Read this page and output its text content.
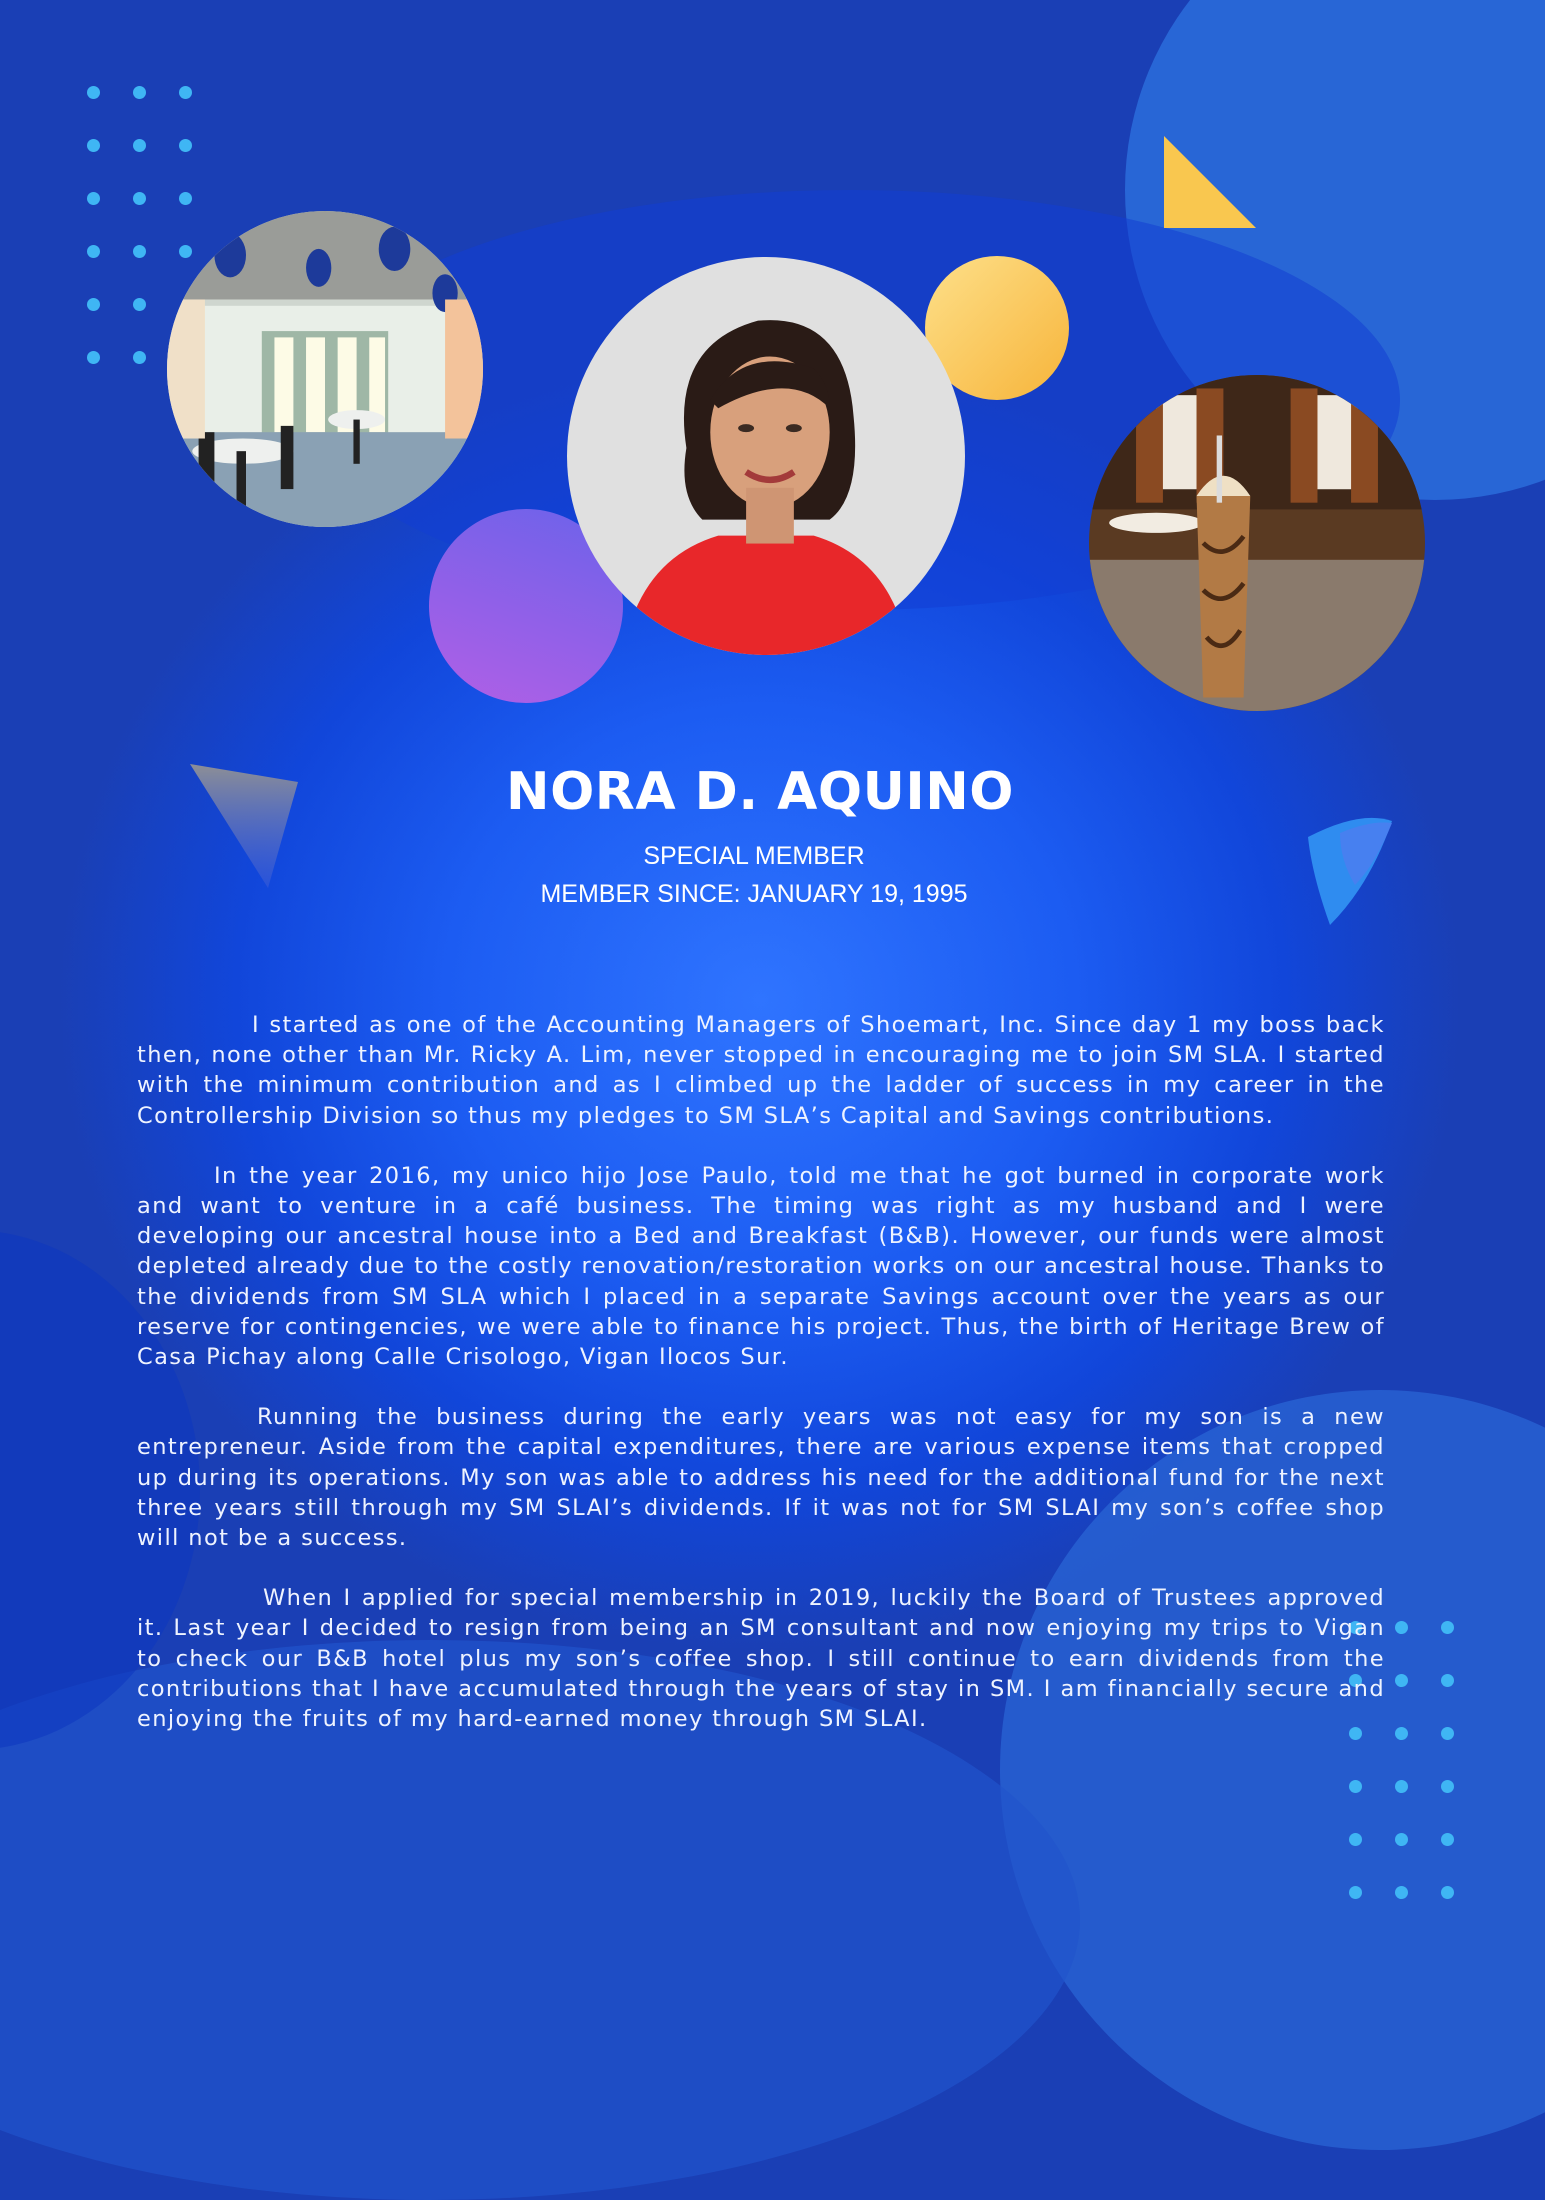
NORA D. AQUINO
SPECIAL MEMBER
MEMBER SINCE: JANUARY 19, 1995

I started as one of the Accounting Managers of Shoemart, Inc. Since day 1 my boss back then, none other than Mr. Ricky A. Lim, never stopped in encouraging me to join SM SLA. I started with the minimum contribution and as I climbed up the ladder of success in my career in the Controllership Division so thus my pledges to SM SLA’s Capital and Savings contributions.

In the year 2016, my unico hijo Jose Paulo, told me that he got burned in corporate work and want to venture in a café business. The timing was right as my husband and I were developing our ancestral house into a Bed and Breakfast (B&B). However, our funds were almost depleted already due to the costly renovation/restoration works on our ancestral house. Thanks to the dividends from SM SLA which I placed in a separate Savings account over the years as our reserve for contingencies, we were able to finance his project. Thus, the birth of Heritage Brew of Casa Pichay along Calle Crisologo, Vigan Ilocos Sur.

Running the business during the early years was not easy for my son is a new entrepreneur. Aside from the capital expenditures, there are various expense items that cropped up during its operations. My son was able to address his need for the additional fund for the next three years still through my SM SLAI’s dividends. If it was not for SM SLAI my son’s coffee shop will not be a success.

When I applied for special membership in 2019, luckily the Board of Trustees approved it. Last year I decided to resign from being an SM consultant and now enjoying my trips to Vigan to check our B&B hotel plus my son’s coffee shop. I still continue to earn dividends from the contributions that I have accumulated through the years of stay in SM. I am financially secure and enjoying the fruits of my hard-earned money through SM SLAI.
